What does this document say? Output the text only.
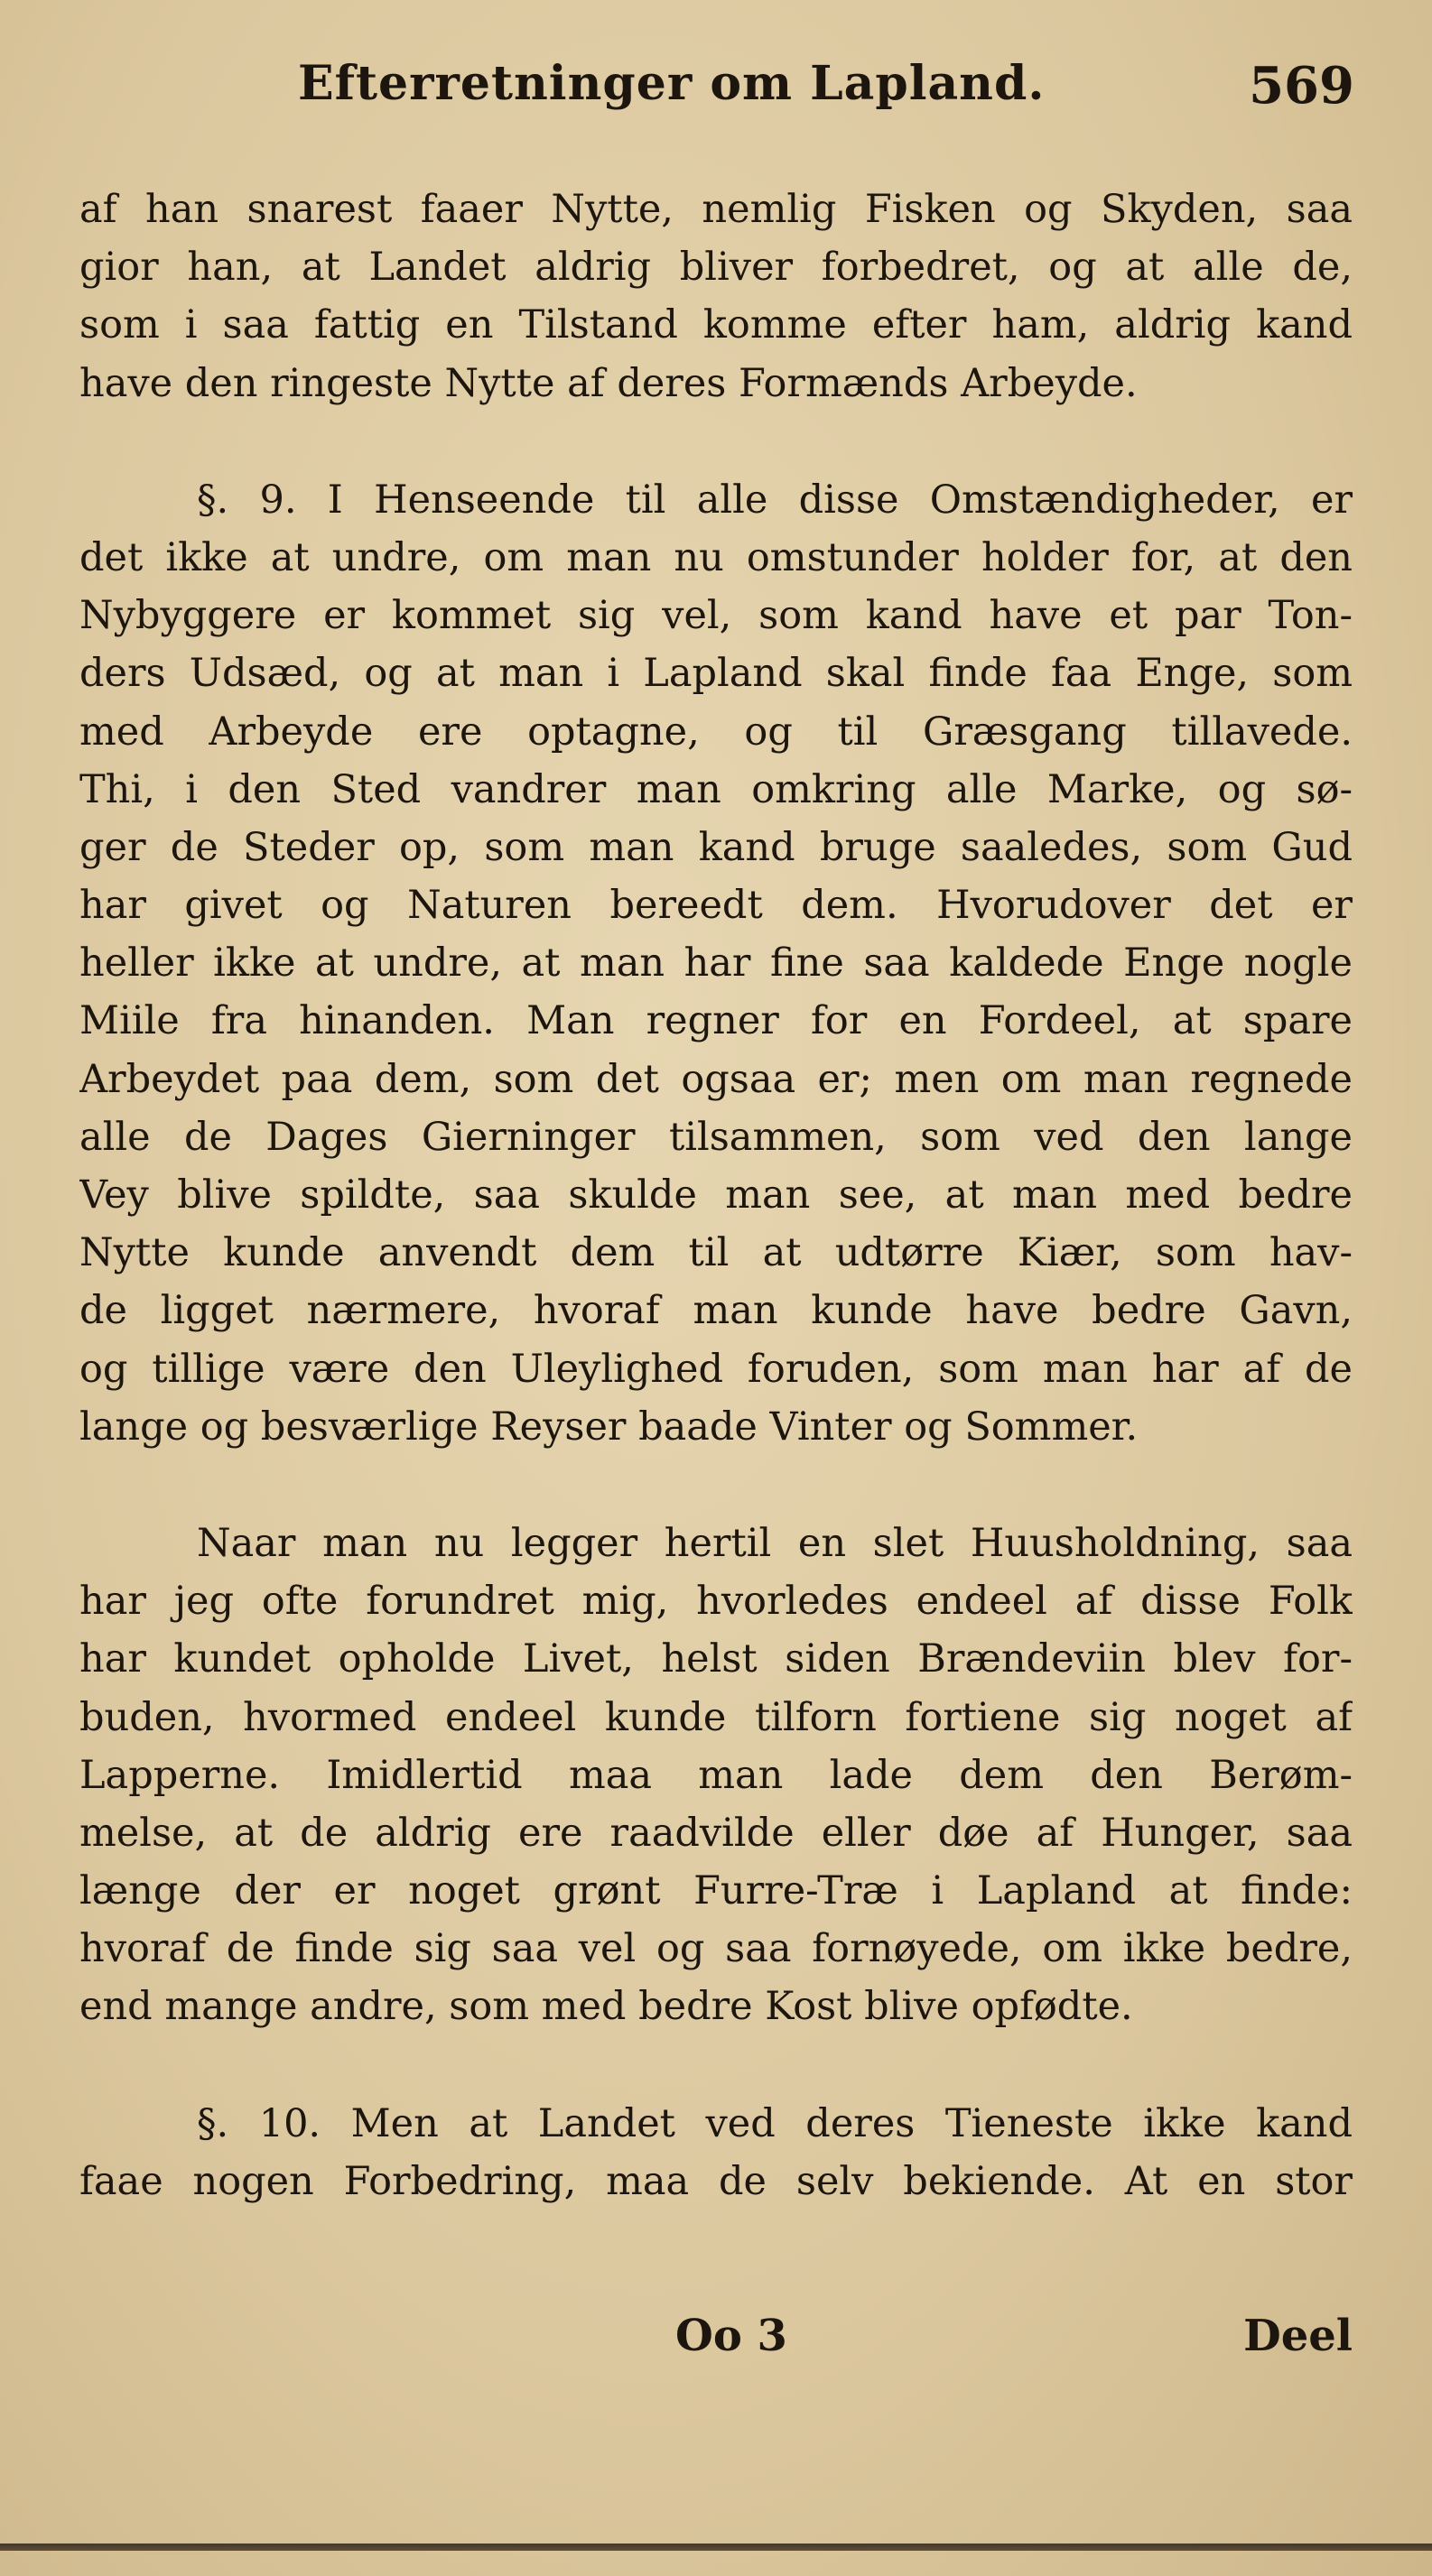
Efterretninger om Lapland.	569
af han snarest faaer Nytte, nemlig Fisken og Skyden, saa
gior han, at Landet aldrig bliver forbedret, og at alle de,
som i saa fattig en Tilstand komme efter ham, aldrig kand
have den ringeste Nytte af deres Formænds Arbeyde.
§. 9. I Henseende til alle disse Omstændigheder, er
det ikke at undre, om man nu omstunder holder for, at den
Nybyggere er kommet sig vel, som kand have et par Ton-
ders Udsæd, og at man i Lapland skal finde faa Enge, som
med Arbeyde ere optagne, og til Græsgang tillavede.
Thi, i den Sted vandrer man omkring alle Marke, og sø-
ger de Steder op, som man kand bruge saaledes, som Gud
har givet og Naturen bereedt dem. Hvorudover det er
heller ikke at undre, at man har fine saa kaldede Enge nogle
Miile fra hinanden. Man regner for en Fordeel, at spare
Arbeydet paa dem, som det ogsaa er; men om man regnede
alle de Dages Gierninger tilsammen, som ved den lange
Vey blive spildte, saa skulde man see, at man med bedre
Nytte kunde anvendt dem til at udtørre Kiær, som hav-
de ligget nærmere, hvoraf man kunde have bedre Gavn,
og tillige være den Uleylighed foruden, som man har af de
lange og besværlige Reyser baade Vinter og Sommer.
Naar man nu legger hertil en slet Huusholdning, saa
har jeg ofte forundret mig, hvorledes endeel af disse Folk
har kundet opholde Livet, helst siden Brændeviin blev for-
buden, hvormed endeel kunde tilforn fortiene sig noget af
Lapperne. Imidlertid maa man lade dem den Berøm-
melse, at de aldrig ere raadvilde eller døe af Hunger, saa
længe der er noget grønt Furre-Træ i Lapland at finde:
hvoraf de finde sig saa vel og saa fornøyede, om ikke bedre,
end mange andre, som med bedre Kost blive opfødte.
§. 10. Men at Landet ved deres Tieneste ikke kand
faae nogen Forbedring, maa de selv bekiende. At en stor
Oo 3	Deel
